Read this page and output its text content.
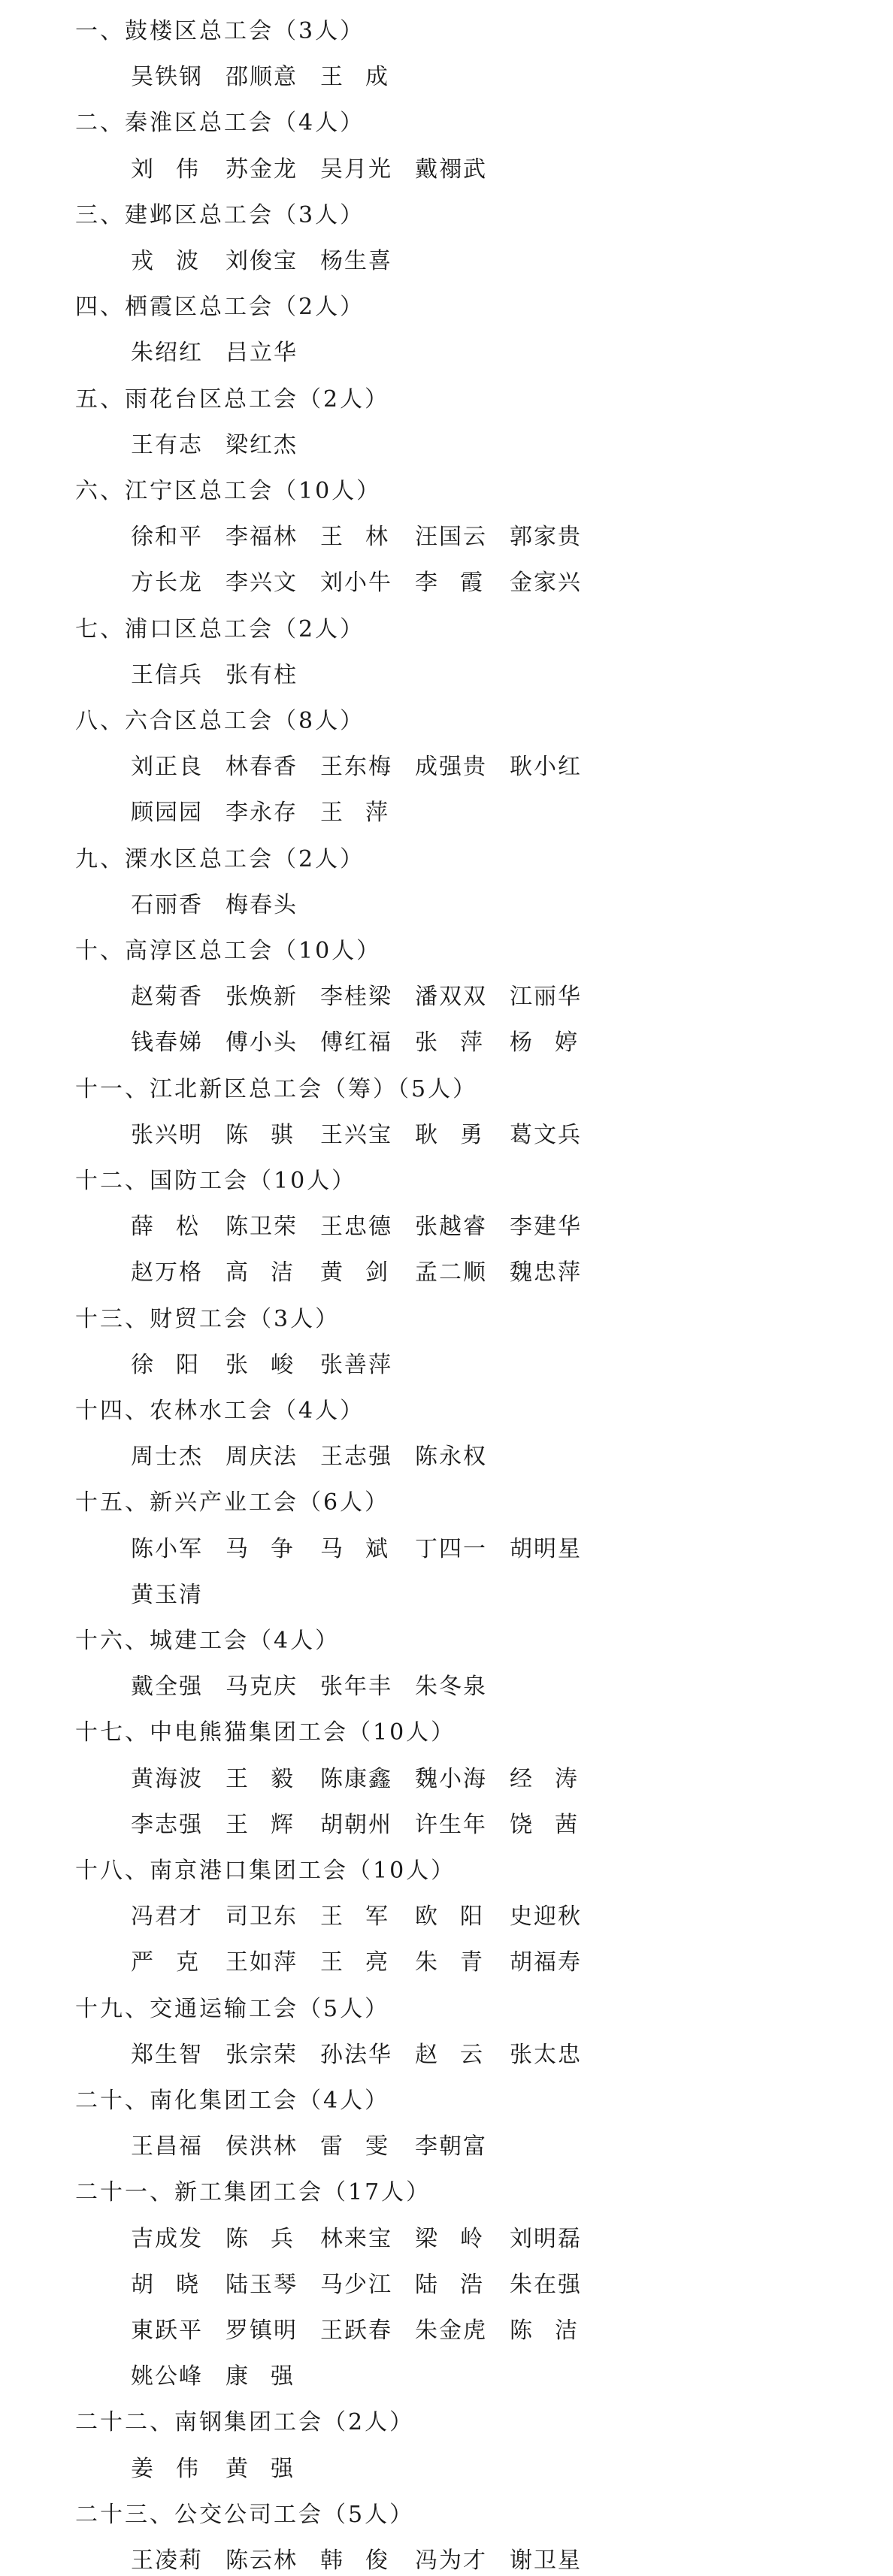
一、鼓楼区总工会（3人）
吴铁钢 邵顺意 王成
二、秦淮区总工会（4人）
刘伟 苏金龙 吴月光 戴禤武
三、建邺区总工会（3人）
戎波 刘俊宝 杨生喜
四、栖霞区总工会（2人）
朱绍红 吕立华
五、雨花台区总工会（2人）
王有志 梁红杰
六、江宁区总工会（10人）
徐和平 李福林 王林 汪国云 郭家贵
方长龙 李兴文 刘小牛 李霞 金家兴
七、浦口区总工会（2人）
王信兵 张有柱
八、六合区总工会（8人）
刘正良 林春香 王东梅 成强贵 耿小红
顾园园 李永存 王萍
九、溧水区总工会（2人）
石丽香 梅春头
十、高淳区总工会（10人）
赵菊香 张焕新 李桂梁 潘双双 江丽华
钱春娣 傅小头 傅红福 张萍 杨婷
十一、江北新区总工会（筹）（5人）
张兴明 陈骐 王兴宝 耿勇 葛文兵
十二、国防工会（10人）
薛松 陈卫荣 王忠德 张越睿 李建华
赵万格 高洁 黄剑 孟二顺 魏忠萍
十三、财贸工会（3人）
徐阳 张峻 张善萍
十四、农林水工会（4人）
周士杰 周庆法 王志强 陈永权
十五、新兴产业工会（6人）
陈小军 马争 马斌 丁四一 胡明星
黄玉清
十六、城建工会（4人）
戴全强 马克庆 张年丰 朱冬泉
十七、中电熊猫集团工会（10人）
黄海波 王毅 陈康鑫 魏小海 经涛
李志强 王辉 胡朝州 许生年 饶茜
十八、南京港口集团工会（10人）
冯君才 司卫东 王军 欧阳 史迎秋
严克 王如萍 王亮 朱青 胡福寿
十九、交通运输工会（5人）
郑生智 张宗荣 孙法华 赵云 张太忠
二十、南化集团工会（4人）
王昌福 侯洪林 雷雯 李朝富
二十一、新工集团工会（17人）
吉成发 陈兵 林来宝 梁岭 刘明磊
胡晓 陆玉琴 马少江 陆浩 朱在强
東跃平 罗镇明 王跃春 朱金虎 陈洁
姚公峰 康强
二十二、南钢集团工会（2人）
姜伟 黄强
二十三、公交公司工会（5人）
王凌莉 陈云林 韩俊 冯为才 谢卫星
